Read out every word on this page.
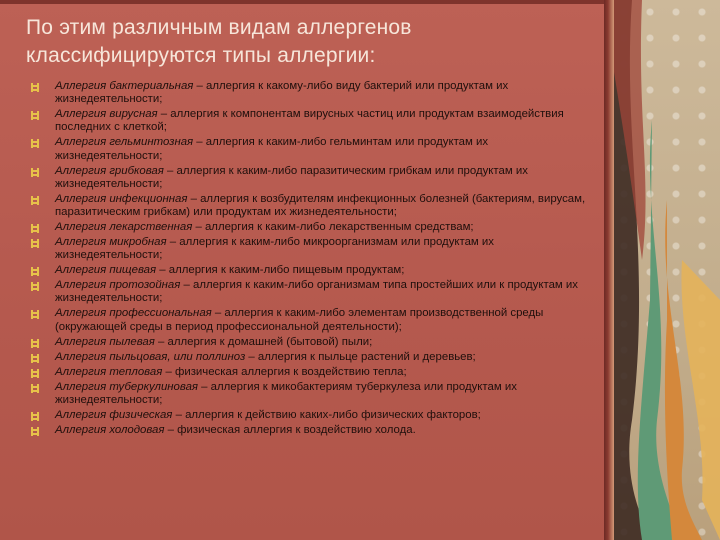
По этим различным видам аллергенов классифицируются типы аллергии:
Аллергия бактериальная – аллергия к какому-либо виду бактерий или продуктам их жизнедеятельности;
Аллергия вирусная – аллергия к компонентам вирусных частиц или продуктам взаимодействия последних с клеткой;
Аллергия гельминтозная – аллергия к каким-либо гельминтам или продуктам их жизнедеятельности;
Аллергия грибковая – аллергия к каким-либо паразитическим грибкам или продуктам их жизнедеятельности;
Аллергия инфекционная – аллергия к возбудителям инфекционных болезней (бактериям, вирусам, паразитическим грибкам) или продуктам их жизнедеятельности;
Аллергия лекарственная – аллергия к каким-либо лекарственным средствам;
Аллергия микробная – аллергия к каким-либо микроорганизмам или продуктам их жизнедеятельности;
Аллергия пищевая – аллергия к каким-либо пищевым продуктам;
Аллергия протозойная – аллергия к каким-либо организмам типа простейших или к продуктам их жизнедеятельности;
Аллергия профессиональная – аллергия к каким-либо элементам производственной среды (окружающей среды в период профессиональной деятельности);
Аллергия пылевая – аллергия к домашней (бытовой) пыли;
Аллергия пыльцовая, или поллиноз – аллергия к пыльце растений и деревьев;
Аллергия тепловая – физическая аллергия к воздействию тепла;
Аллергия туберкулиновая – аллергия к микобактериям туберкулеза или продуктам их жизнедеятельности;
Аллергия физическая – аллергия к действию каких-либо физических факторов;
Аллергия холодовая – физическая аллергия к воздействию холода.
